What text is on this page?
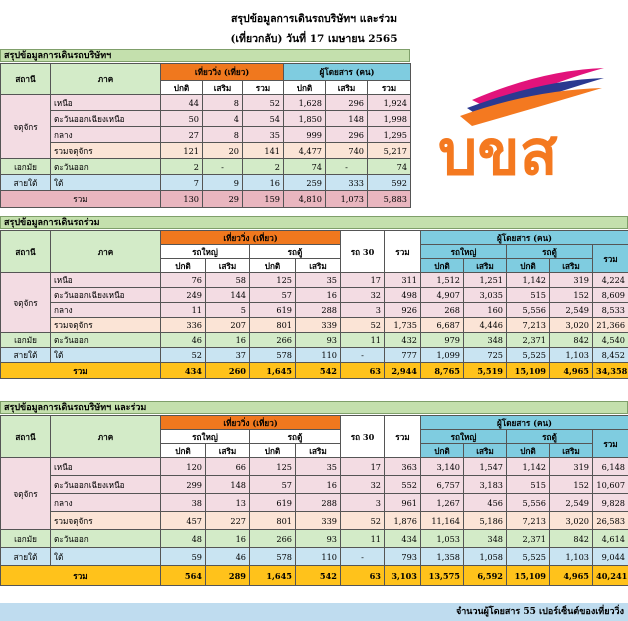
สรุปข้อมูลการเดินรถบริษัทฯ และร่วม
(เที่ยวกลับ) วันที่ 17 เมษายน 2565
บขส
สรุปข้อมูลการเดินรถบริษัทฯ
สถานี	ภาค	เที่ยววิ่ง (เที่ยว)			ผู้โดยสาร (คน)		
		ปกติ	เสริม	รวม	ปกติ	เสริม	รวม
จตุจักร	เหนือ	44	8	52	1,628	296	1,924
	ตะวันออกเฉียงเหนือ	50	4	54	1,850	148	1,998
	กลาง	27	8	35	999	296	1,295
	รวมจตุจักร	121	20	141	4,477	740	5,217
เอกมัย	ตะวันออก	2	-	2	74	-	74
สายใต้	ใต้	7	9	16	259	333	592
รวม		130	29	159	4,810	1,073	5,883
สรุปข้อมูลการเดินรถร่วม
สถานี	ภาค	เที่ยววิ่ง (เที่ยว)				รถ 30	รวม	ผู้โดยสาร (คน)				
		รถใหญ่		รถตู้				รถใหญ่		รถตู้		รวม
		ปกติ	เสริม	ปกติ	เสริม			ปกติ	เสริม	ปกติ	เสริม	
จตุจักร	เหนือ	76	58	125	35	17	311	1,512	1,251	1,142	319	4,224
	ตะวันออกเฉียงเหนือ	249	144	57	16	32	498	4,907	3,035	515	152	8,609
	กลาง	11	5	619	288	3	926	268	160	5,556	2,549	8,533
	รวมจตุจักร	336	207	801	339	52	1,735	6,687	4,446	7,213	3,020	21,366
เอกมัย	ตะวันออก	46	16	266	93	11	432	979	348	2,371	842	4,540
สายใต้	ใต้	52	37	578	110	-	777	1,099	725	5,525	1,103	8,452
รวม		434	260	1,645	542	63	2,944	8,765	5,519	15,109	4,965	34,358
สรุปข้อมูลการเดินรถบริษัทฯ และร่วม
สถานี	ภาค	เที่ยววิ่ง (เที่ยว)				รถ 30	รวม	ผู้โดยสาร (คน)				
		รถใหญ่		รถตู้				รถใหญ่		รถตู้		รวม
		ปกติ	เสริม	ปกติ	เสริม			ปกติ	เสริม	ปกติ	เสริม	
จตุจักร	เหนือ	120	66	125	35	17	363	3,140	1,547	1,142	319	6,148
	ตะวันออกเฉียงเหนือ	299	148	57	16	32	552	6,757	3,183	515	152	10,607
	กลาง	38	13	619	288	3	961	1,267	456	5,556	2,549	9,828
	รวมจตุจักร	457	227	801	339	52	1,876	11,164	5,186	7,213	3,020	26,583
เอกมัย	ตะวันออก	48	16	266	93	11	434	1,053	348	2,371	842	4,614
สายใต้	ใต้	59	46	578	110	-	793	1,358	1,058	5,525	1,103	9,044
รวม		564	289	1,645	542	63	3,103	13,575	6,592	15,109	4,965	40,241
จำนวนผู้โดยสาร 55 เปอร์เซ็นต์ของเที่ยววิ่ง
